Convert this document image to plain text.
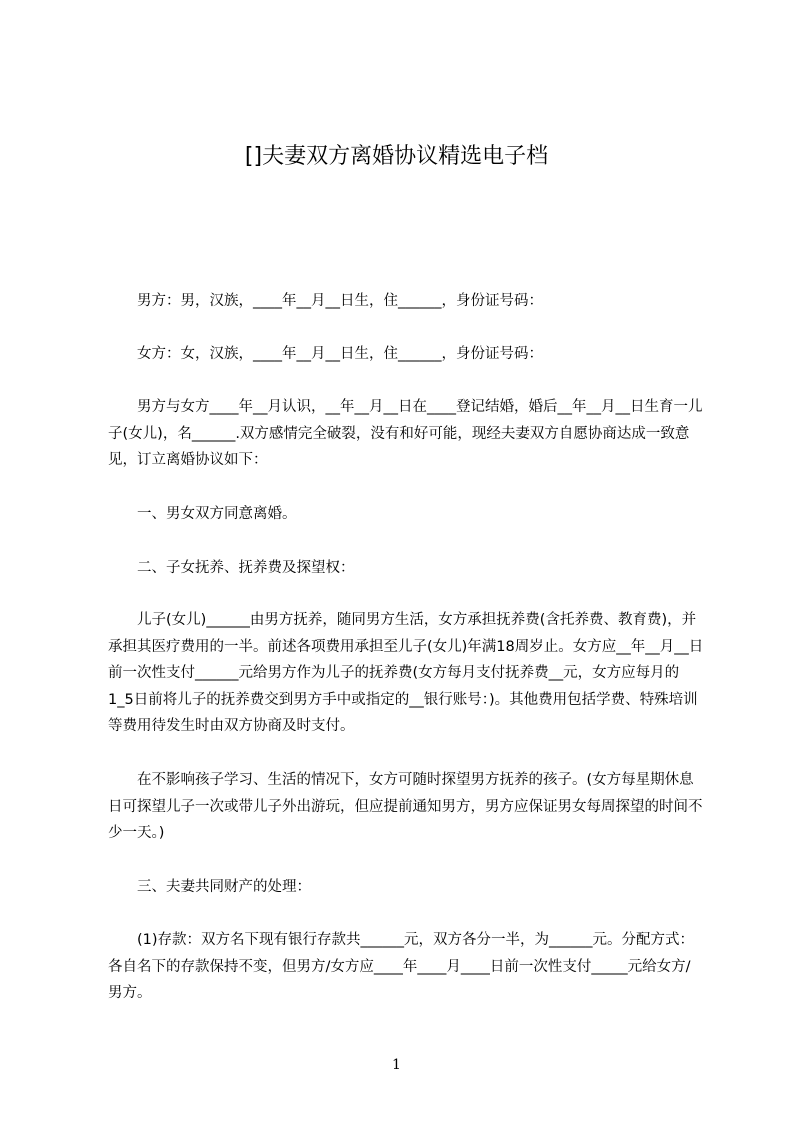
[]夫妻双方离婚协议精选电子档

男方：男，汉族，____年__月__日生，住______，身份证号码：

女方：女，汉族，____年__月__日生，住______，身份证号码：

男方与女方____年__月认识，__年__月__日在____登记结婚，婚后__年__月__日生育一儿子(女儿)，名______.双方感情完全破裂，没有和好可能，现经夫妻双方自愿协商达成一致意见，订立离婚协议如下：

一、男女双方同意离婚。

二、子女抚养、抚养费及探望权：

儿子(女儿)______由男方抚养，随同男方生活，女方承担抚养费(含托养费、教育费)，并承担其医疗费用的一半。前述各项费用承担至儿子(女儿)年满18周岁止。女方应__年__月__日前一次性支付______元给男方作为儿子的抚养费(女方每月支付抚养费__元，女方应每月的1_5日前将儿子的抚养费交到男方手中或指定的__银行账号：)。其他费用包括学费、特殊培训等费用待发生时由双方协商及时支付。

在不影响孩子学习、生活的情况下，女方可随时探望男方抚养的孩子。(女方每星期休息日可探望儿子一次或带儿子外出游玩，但应提前通知男方，男方应保证男女每周探望的时间不少一天。)

三、夫妻共同财产的处理：

(1)存款：双方名下现有银行存款共______元，双方各分一半，为______元。分配方式：各自名下的存款保持不变，但男方/女方应____年____月____日前一次性支付_____元给女方/男方。

1
